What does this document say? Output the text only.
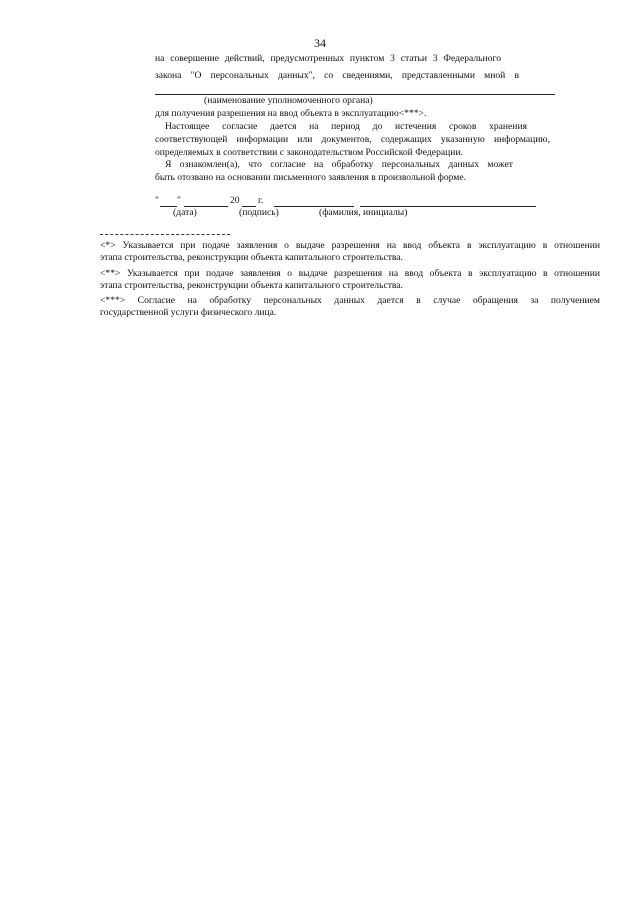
34
на совершение действий, предусмотренных пунктом 3 статьи 3 Федерального
закона "О персональных данных", со сведениями, представленными мной в
(наименование уполномоченного органа)
для получения разрешения на ввод объекта в эксплуатацию<***>.
Настоящее согласие дается на период до истечения сроков хранения
соответствующей информации или документов, содержащих указанную информацию,
определяемых в соответствии с законодательством Российской Федерации.
Я ознакомлен(а), что согласие на обработку персональных данных может
быть отозвано на основании письменного заявления в произвольной форме.
" "	20 г.
(дата)	(подпись)	(фамилия, инициалы)
<*> Указывается при подаче заявления о выдаче разрешения на ввод объекта в эксплуатацию в отношении
этапа строительства, реконструкции объекта капитального строительства.
<**> Указывается при подаче заявления о выдаче разрешения на ввод объекта в эксплуатацию в отношении
этапа строительства, реконструкции объекта капитального строительства.
<***> Согласие на обработку персональных данных дается в случае обращения за получением
государственной услуги физического лица.
